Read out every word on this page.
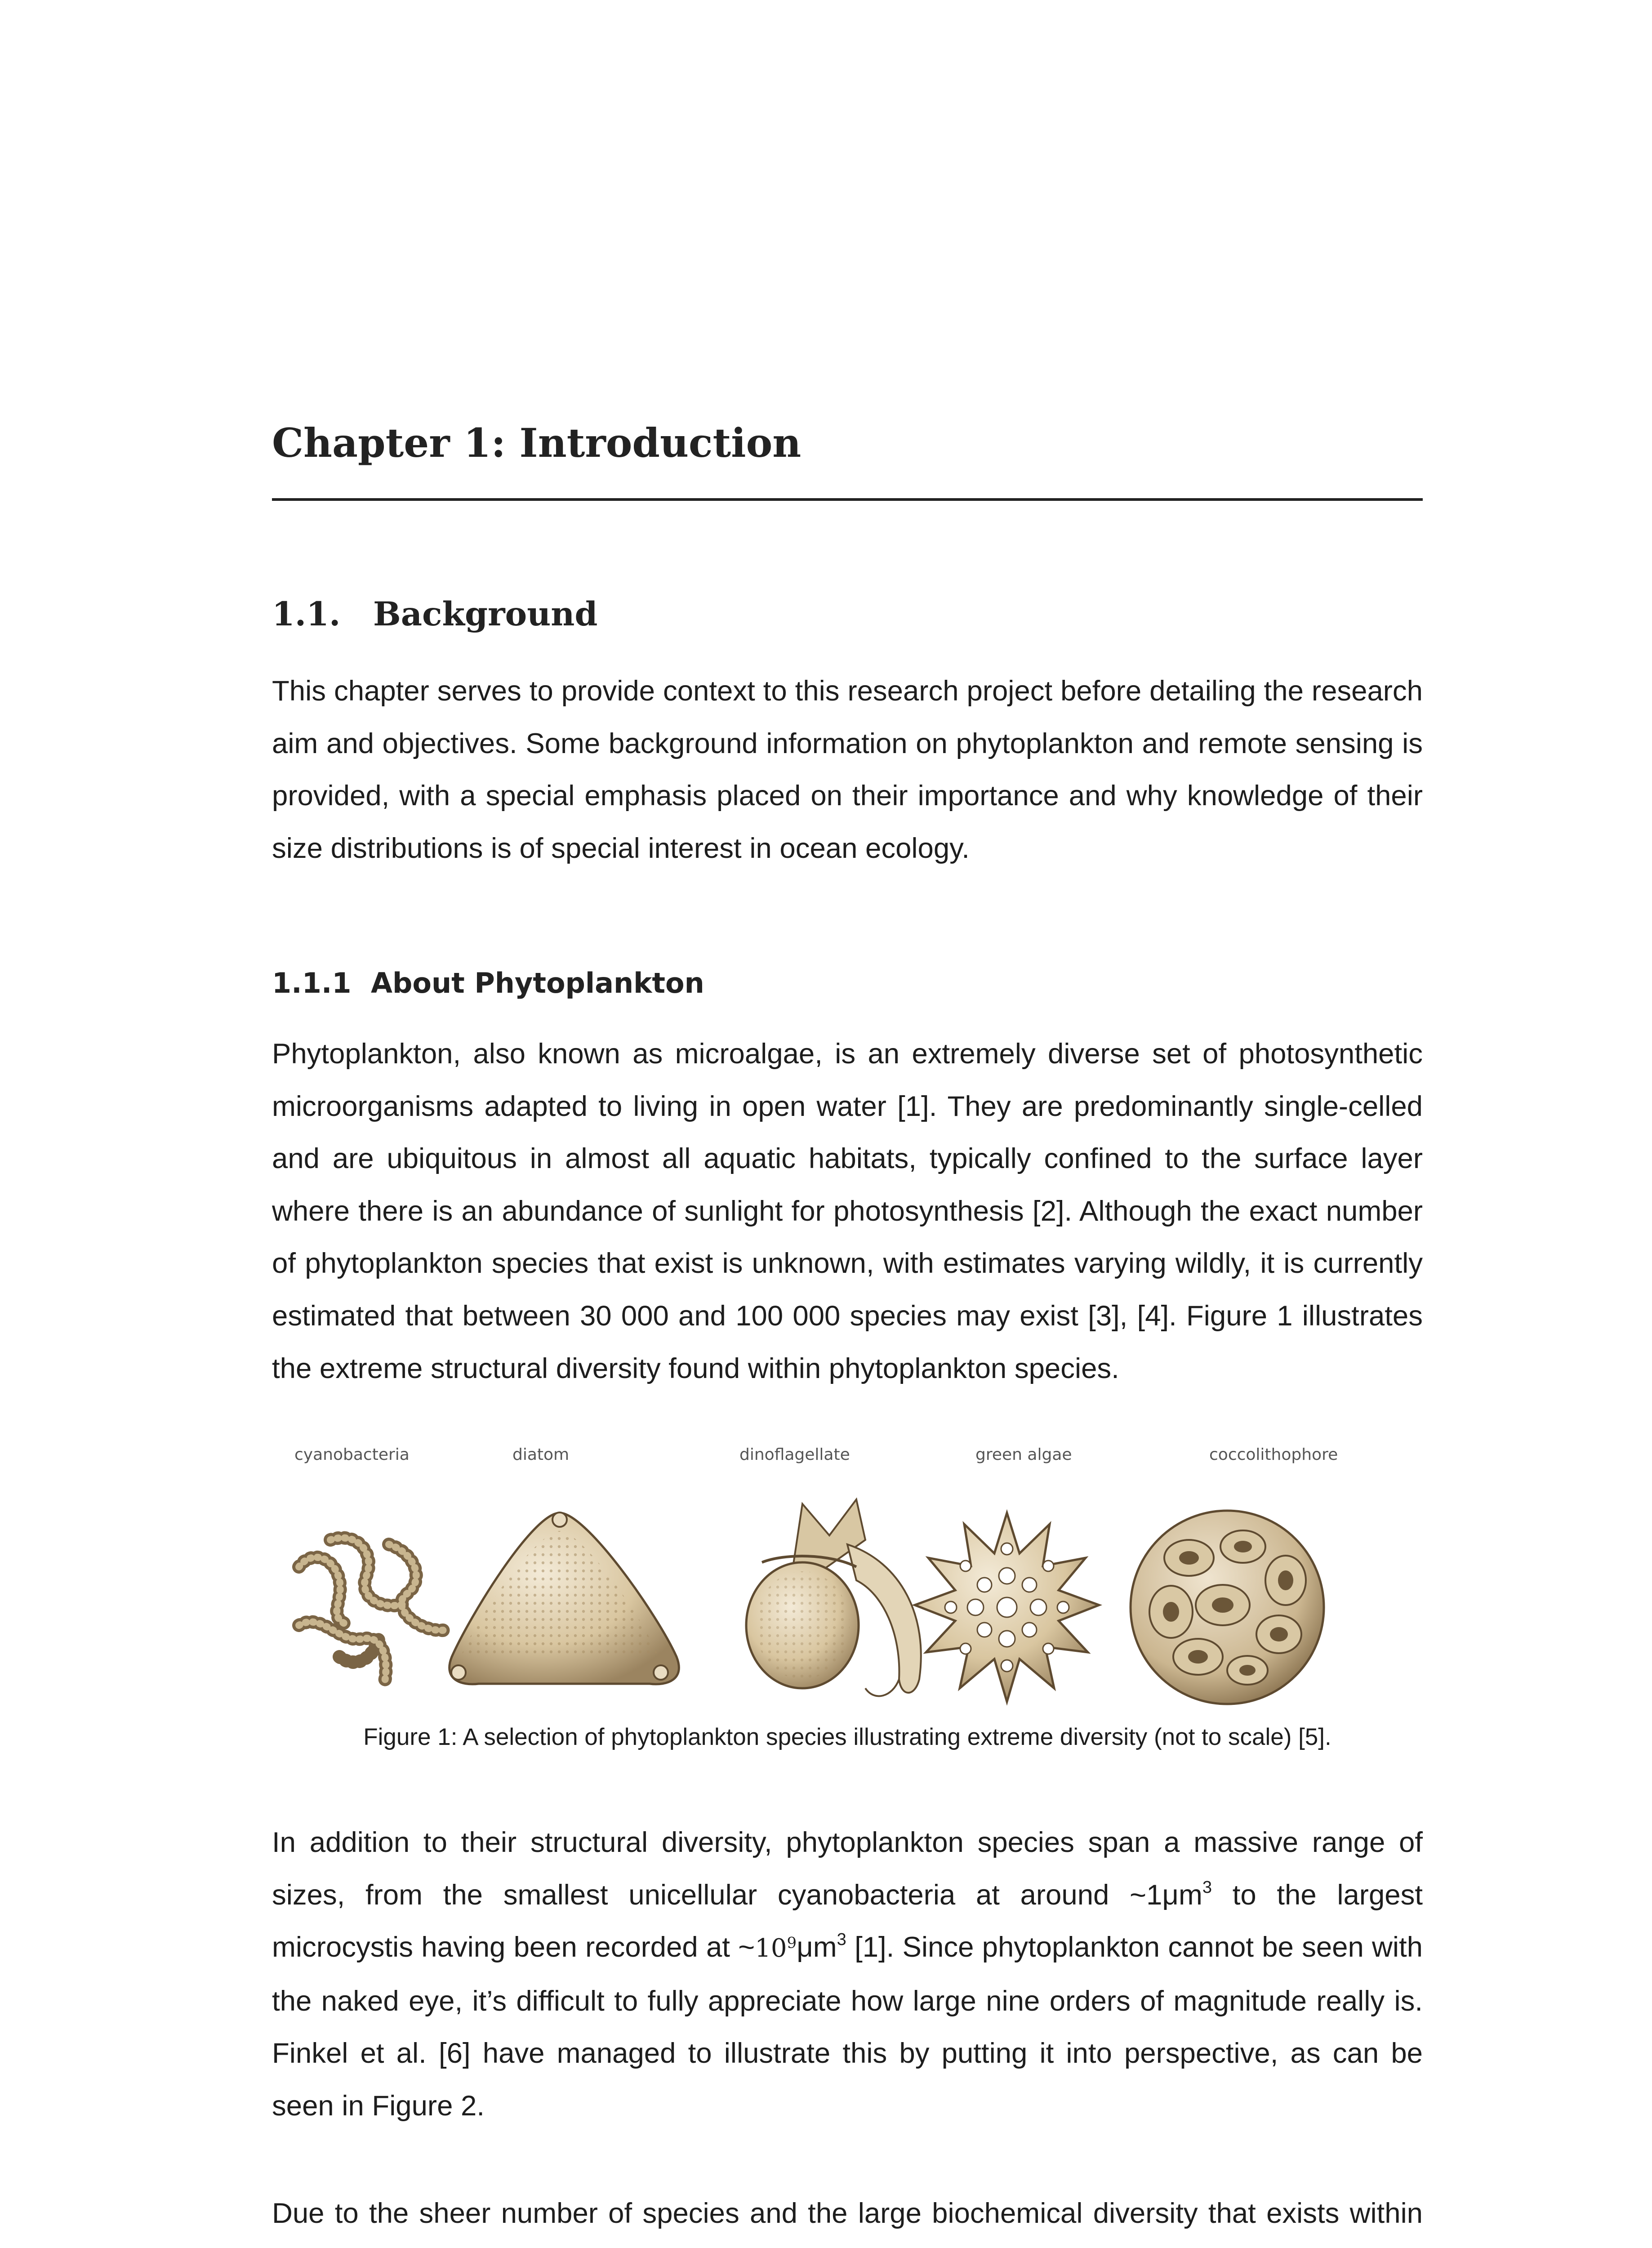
Chapter 1: Introduction
1.1. Background

This chapter serves to provide context to this research project before detailing the research aim and objectives. Some background information on phytoplankton and remote sensing is provided, with a special emphasis placed on their importance and why knowledge of their size distributions is of special interest in ocean ecology.

1.1.1 About Phytoplankton

Phytoplankton, also known as microalgae, is an extremely diverse set of photosynthetic microorganisms adapted to living in open water [1]. They are predominantly single-celled and are ubiquitous in almost all aquatic habitats, typically confined to the surface layer where there is an abundance of sunlight for photosynthesis [2]. Although the exact number of phytoplankton species that exist is unknown, with estimates varying wildly, it is currently estimated that between 30 000 and 100 000 species may exist [3], [4]. Figure 1 illustrates the extreme structural diversity found within phytoplankton species.

cyanobacteria	diatom	dinoflagellate	green algae	coccolithophore
Figure 1: A selection of phytoplankton species illustrating extreme diversity (not to scale) [5].

In addition to their structural diversity, phytoplankton species span a massive range of sizes, from the smallest unicellular cyanobacteria at around $\sim 1\mu m^3$ to the largest microcystis having been recorded at $\sim 10^9\mu m^3$ [1]. Since phytoplankton cannot be seen with the naked eye, it’s difficult to fully appreciate how large nine orders of magnitude really is. Finkel et al. [6] have managed to illustrate this by putting it into perspective, as can be seen in Figure 2.

Due to the sheer number of species and the large biochemical diversity that exists within
